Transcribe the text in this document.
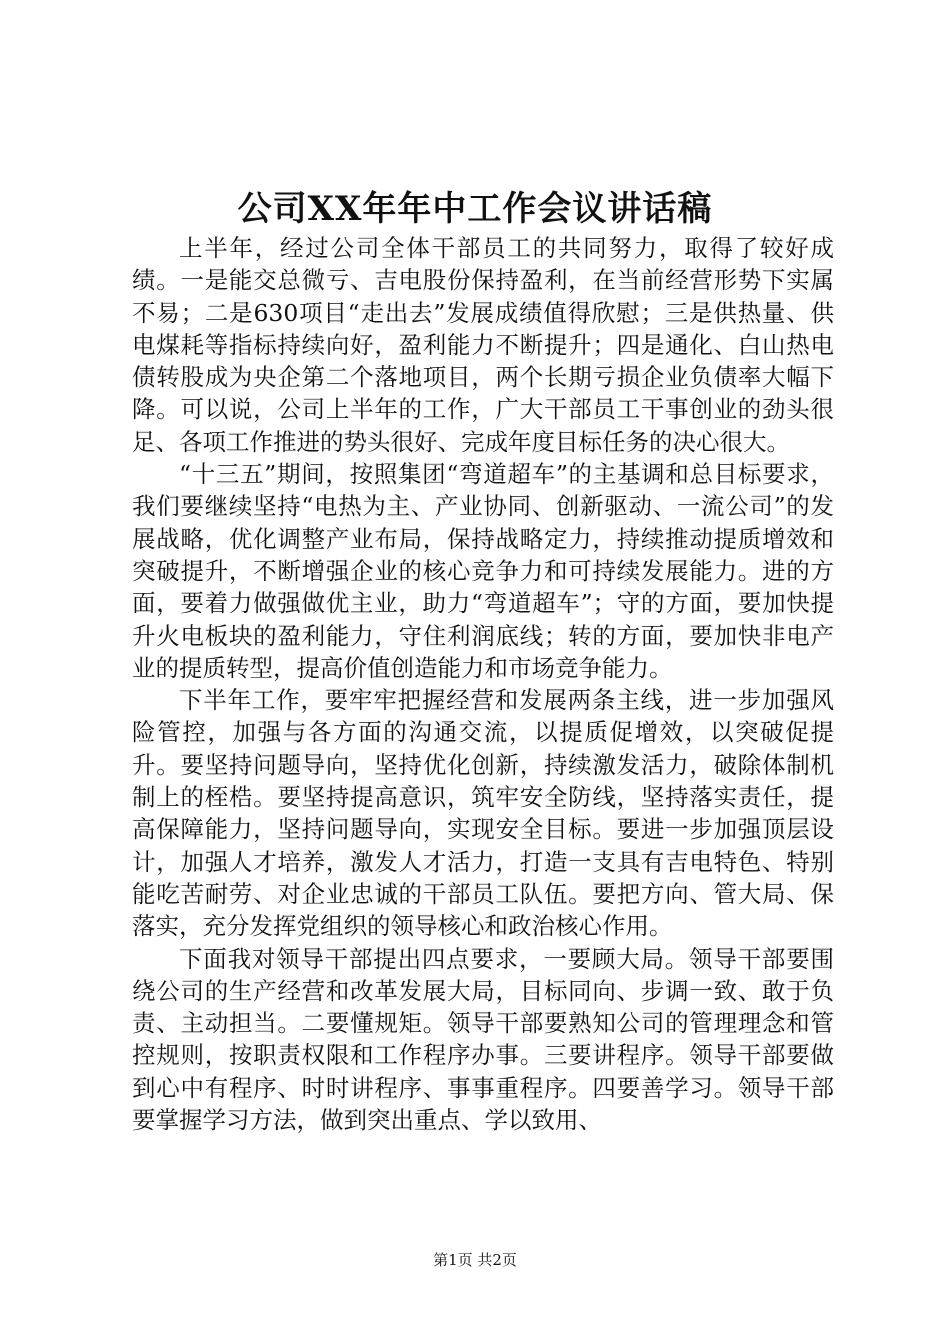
公司XX年年中工作会议讲话稿

上半年，经过公司全体干部员工的共同努力，取得了较好成绩。一是能交总微亏、吉电股份保持盈利，在当前经营形势下实属不易；二是630项目“走出去”发展成绩值得欣慰；三是供热量、供电煤耗等指标持续向好，盈利能力不断提升；四是通化、白山热电债转股成为央企第二个落地项目，两个长期亏损企业负债率大幅下降。可以说，公司上半年的工作，广大干部员工干事创业的劲头很足、各项工作推进的势头很好、完成年度目标任务的决心很大。

“十三五”期间，按照集团“弯道超车”的主基调和总目标要求，我们要继续坚持“电热为主、产业协同、创新驱动、一流公司”的发展战略，优化调整产业布局，保持战略定力，持续推动提质增效和突破提升，不断增强企业的核心竞争力和可持续发展能力。进的方面，要着力做强做优主业，助力“弯道超车”；守的方面，要加快提升火电板块的盈利能力，守住利润底线；转的方面，要加快非电产业的提质转型，提高价值创造能力和市场竞争能力。

下半年工作，要牢牢把握经营和发展两条主线，进一步加强风险管控，加强与各方面的沟通交流，以提质促增效，以突破促提升。要坚持问题导向，坚持优化创新，持续激发活力，破除体制机制上的桎梏。要坚持提高意识，筑牢安全防线，坚持落实责任，提高保障能力，坚持问题导向，实现安全目标。要进一步加强顶层设计，加强人才培养，激发人才活力，打造一支具有吉电特色、特别能吃苦耐劳、对企业忠诚的干部员工队伍。要把方向、管大局、保落实，充分发挥党组织的领导核心和政治核心作用。

下面我对领导干部提出四点要求，一要顾大局。领导干部要围绕公司的生产经营和改革发展大局，目标同向、步调一致、敢于负责、主动担当。二要懂规矩。领导干部要熟知公司的管理理念和管控规则，按职责权限和工作程序办事。三要讲程序。领导干部要做到心中有程序、时时讲程序、事事重程序。四要善学习。领导干部要掌握学习方法，做到突出重点、学以致用、

第1页 共2页
